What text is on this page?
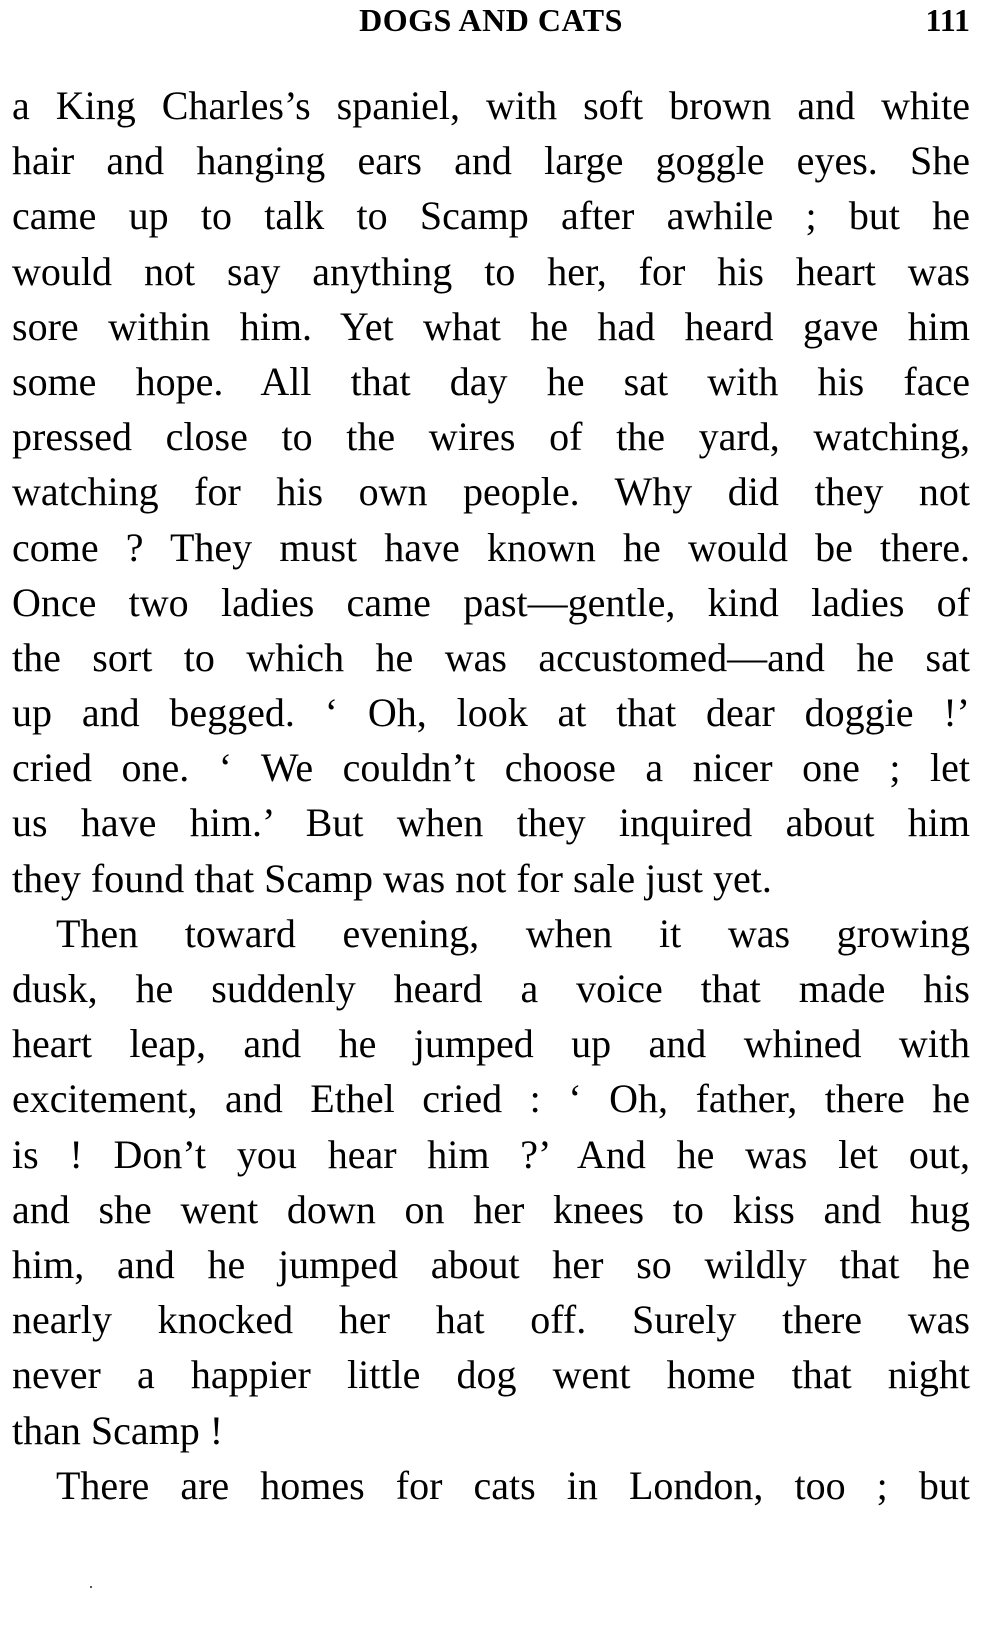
DOGS AND CATS	111
a King Charles’s spaniel, with soft brown and white
hair and hanging ears and large goggle eyes. She
came up to talk to Scamp after awhile ; but he
would not say anything to her, for his heart was
sore within him. Yet what he had heard gave him
some hope. All that day he sat with his face
pressed close to the wires of the yard, watching,
watching for his own people. Why did they not
come ? They must have known he would be there.
Once two ladies came past—gentle, kind ladies of
the sort to which he was accustomed—and he sat
up and begged. ‘ Oh, look at that dear doggie !’
cried one. ‘ We couldn’t choose a nicer one ; let
us have him.’ But when they inquired about him
they found that Scamp was not for sale just yet.
Then toward evening, when it was growing
dusk, he suddenly heard a voice that made his
heart leap, and he jumped up and whined with
excitement, and Ethel cried : ‘ Oh, father, there he
is ! Don’t you hear him ?’ And he was let out,
and she went down on her knees to kiss and hug
him, and he jumped about her so wildly that he
nearly knocked her hat off. Surely there was
never a happier little dog went home that night
than Scamp !
There are homes for cats in London, too ; but
